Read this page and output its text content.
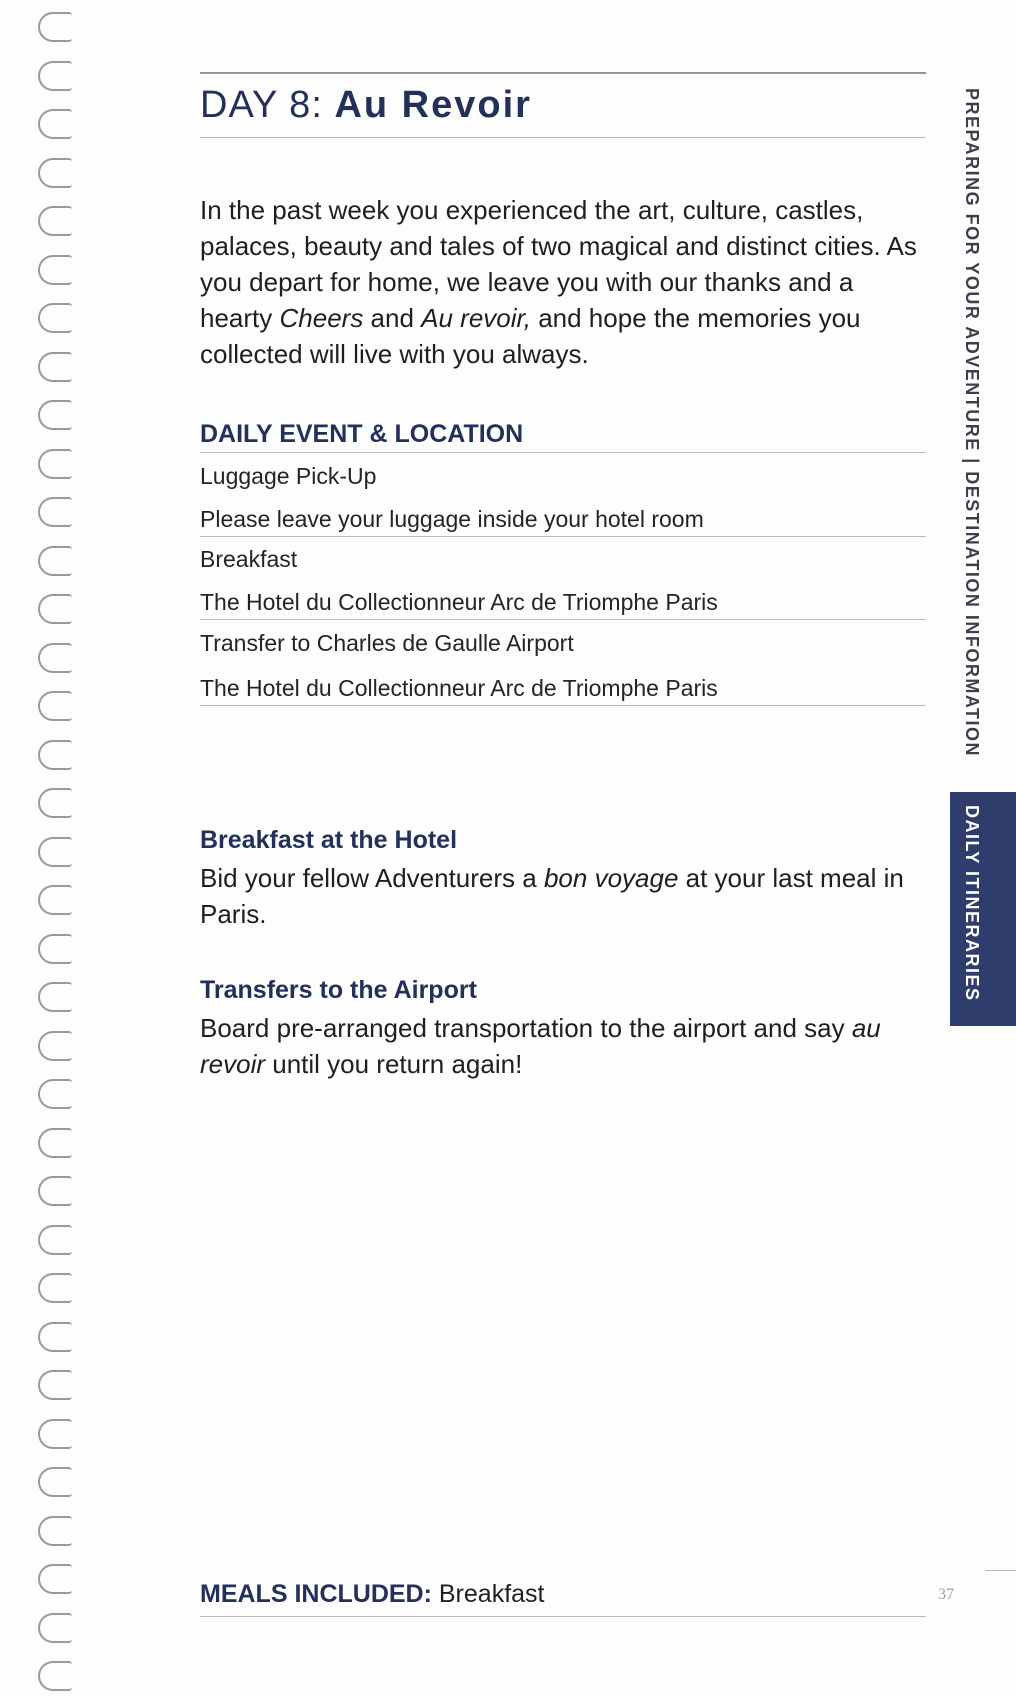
DAY 8: Au Revoir
In the past week you experienced the art, culture, castles, palaces, beauty and tales of two magical and distinct cities. As you depart for home, we leave you with our thanks and a hearty Cheers and Au revoir, and hope the memories you collected will live with you always.
DAILY EVENT & LOCATION
Luggage Pick-Up
Please leave your luggage inside your hotel room
Breakfast
The Hotel du Collectionneur Arc de Triomphe Paris
Transfer to Charles de Gaulle Airport
The Hotel du Collectionneur Arc de Triomphe Paris
Breakfast at the Hotel
Bid your fellow Adventurers a bon voyage at your last meal in Paris.
Transfers to the Airport
Board pre-arranged transportation to the airport and say au revoir until you return again!
MEALS INCLUDED: Breakfast	37
PREPARING FOR YOUR ADVENTURE | DESTINATION INFORMATION
DAILY ITINERARIES
